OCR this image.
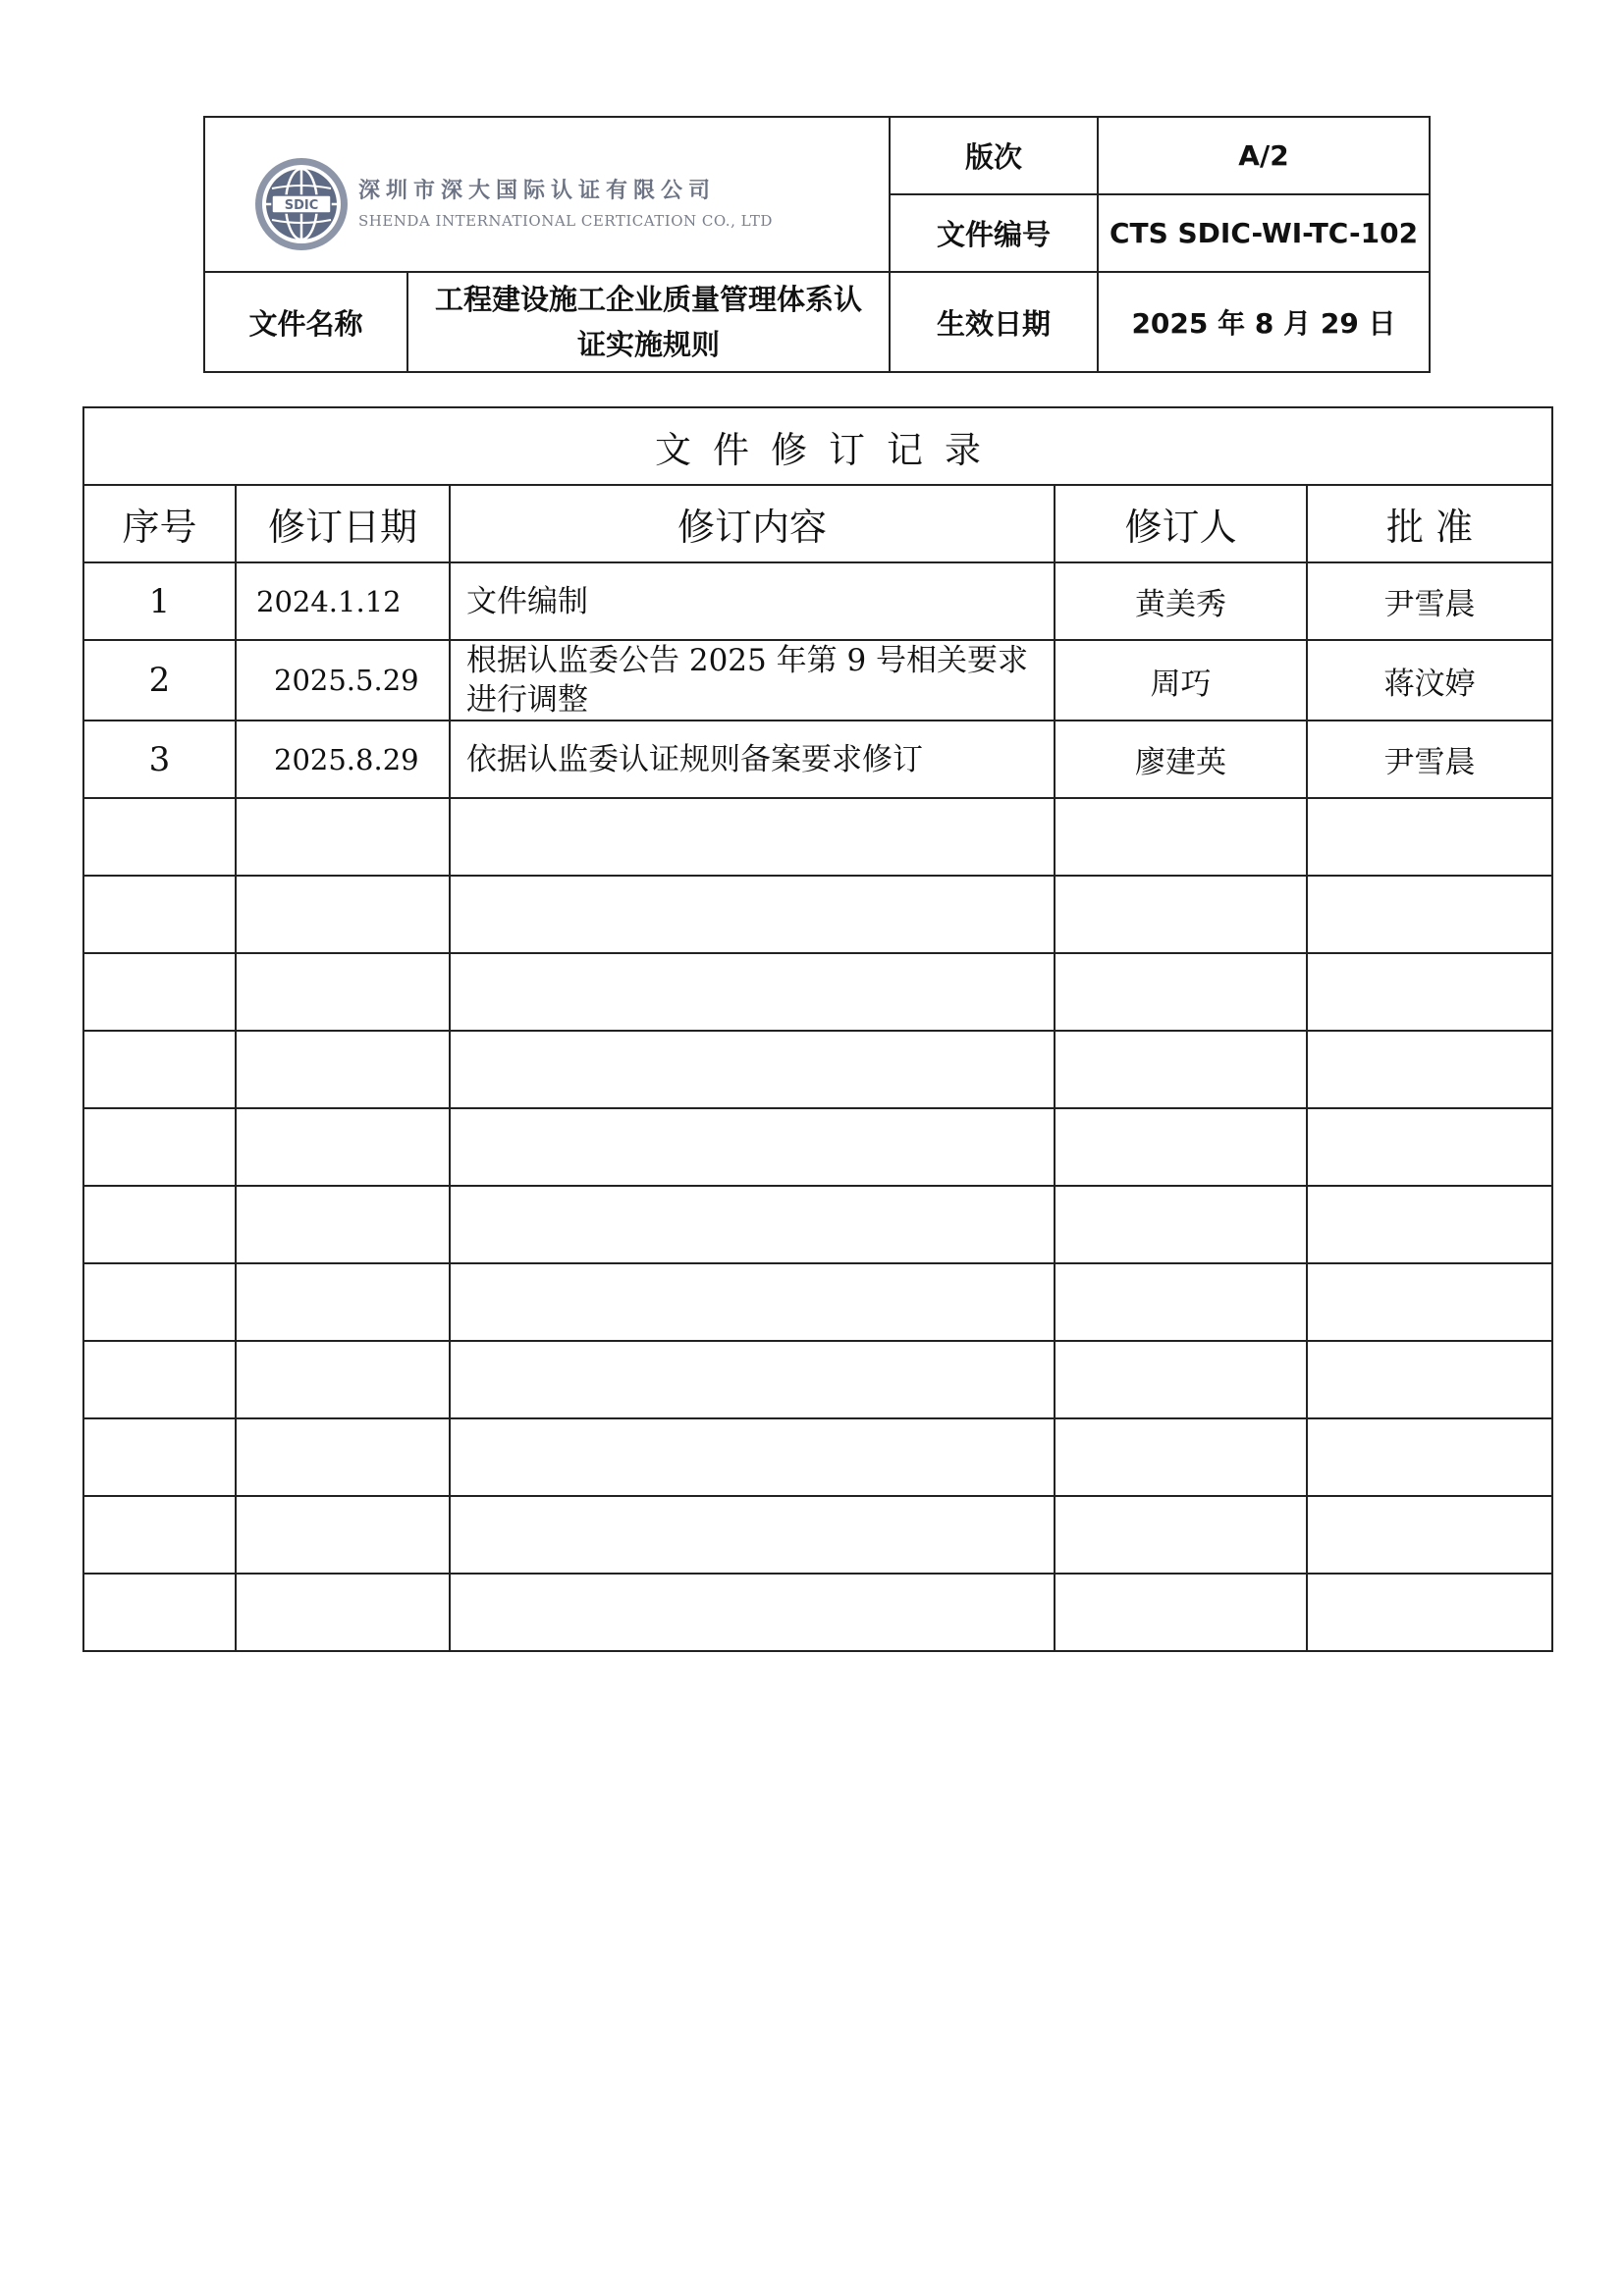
SDIC
深圳市深大国际认证有限公司
SHENDA INTERNATIONAL CERTICATION CO., LTD		版次	A/2
		文件编号	CTS SDIC-WI-TC-102
文件名称	工程建设施工企业质量管理体系认证实施规则	生效日期	2025 年 8 月 29 日
文件修订记录				
序号	修订日期	修订内容	修订人	批 准
1	2024.1.12	文件编制	黄美秀	尹雪晨
2	2025.5.29	根据认监委公告 2025 年第 9 号相关要求进行调整	周巧	蒋汶婷
3	2025.8.29	依据认监委认证规则备案要求修订	廖建英	尹雪晨
